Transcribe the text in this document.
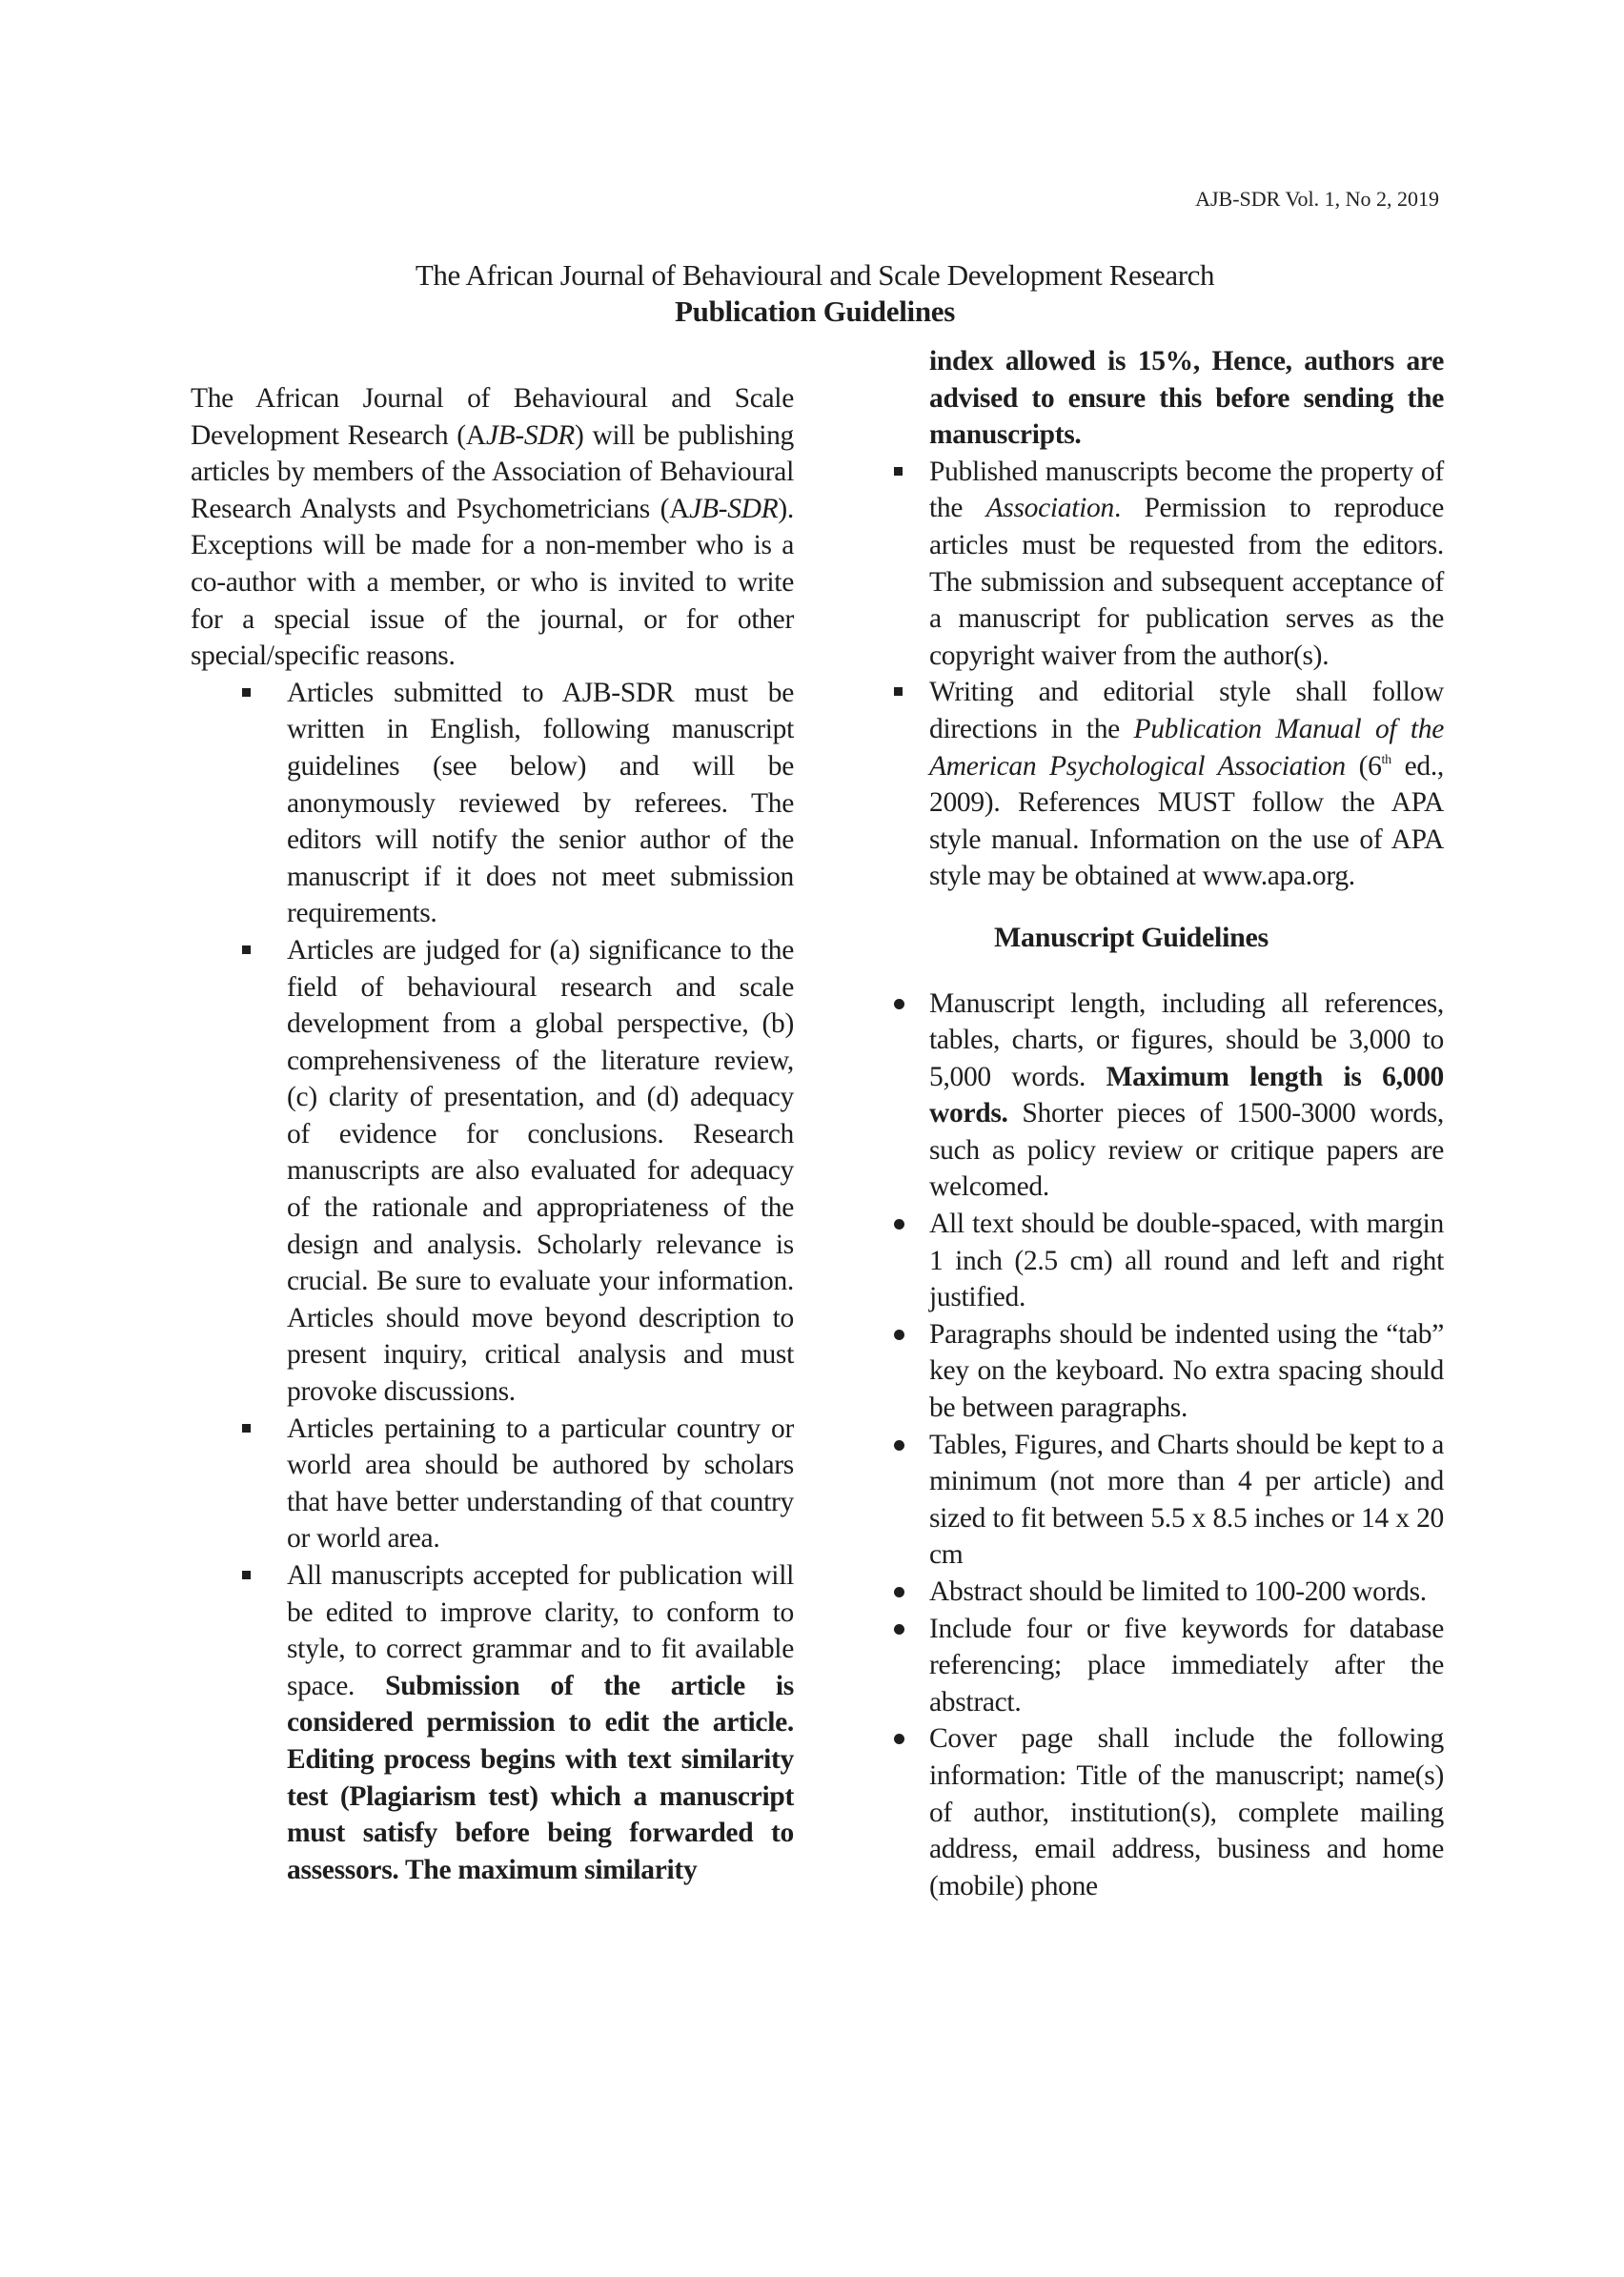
AJB-SDR Vol. 1, No 2, 2019
The African Journal of Behavioural and Scale Development Research
Publication Guidelines

The African Journal of Behavioural and Scale Development Research (AJB-SDR) will be publishing articles by members of the Association of Behavioural Research Analysts and Psychometricians (AJB-SDR). Exceptions will be made for a non-member who is a co-author with a member, or who is invited to write for a special issue of the journal, or for other special/specific reasons.

Articles submitted to AJB-SDR must be written in English, following manuscript guidelines (see below) and will be anonymously reviewed by referees. The editors will notify the senior author of the manuscript if it does not meet submission requirements.
Articles are judged for (a) significance to the field of behavioural research and scale development from a global perspective, (b) comprehensiveness of the literature review, (c) clarity of presentation, and (d) adequacy of evidence for conclusions. Research manuscripts are also evaluated for adequacy of the rationale and appropriateness of the design and analysis. Scholarly relevance is crucial. Be sure to evaluate your information. Articles should move beyond description to present inquiry, critical analysis and must provoke discussions.
Articles pertaining to a particular country or world area should be authored by scholars that have better understanding of that country or world area.
All manuscripts accepted for publication will be edited to improve clarity, to conform to style, to correct grammar and to fit available space. Submission of the article is considered permission to edit the article. Editing process begins with text similarity test (Plagiarism test) which a manuscript must satisfy before being forwarded to assessors. The maximum similarity
index allowed is 15%, Hence, authors are advised to ensure this before sending the manuscripts.
Published manuscripts become the property of the Association. Permission to reproduce articles must be requested from the editors. The submission and subsequent acceptance of a manuscript for publication serves as the copyright waiver from the author(s).
Writing and editorial style shall follow directions in the Publication Manual of the American Psychological Association (6th ed., 2009). References MUST follow the APA style manual. Information on the use of APA style may be obtained at www.apa.org.
Manuscript Guidelines
Manuscript length, including all references, tables, charts, or figures, should be 3,000 to 5,000 words. Maximum length is 6,000 words. Shorter pieces of 1500-3000 words, such as policy review or critique papers are welcomed.
All text should be double-spaced, with margin 1 inch (2.5 cm) all round and left and right justified.
Paragraphs should be indented using the “tab” key on the keyboard. No extra spacing should be between paragraphs.
Tables, Figures, and Charts should be kept to a minimum (not more than 4 per article) and sized to fit between 5.5 x 8.5 inches or 14 x 20 cm
Abstract should be limited to 100-200 words.
Include four or five keywords for database referencing; place immediately after the abstract.
Cover page shall include the following information: Title of the manuscript; name(s) of author, institution(s), complete mailing address, email address, business and home (mobile) phone
